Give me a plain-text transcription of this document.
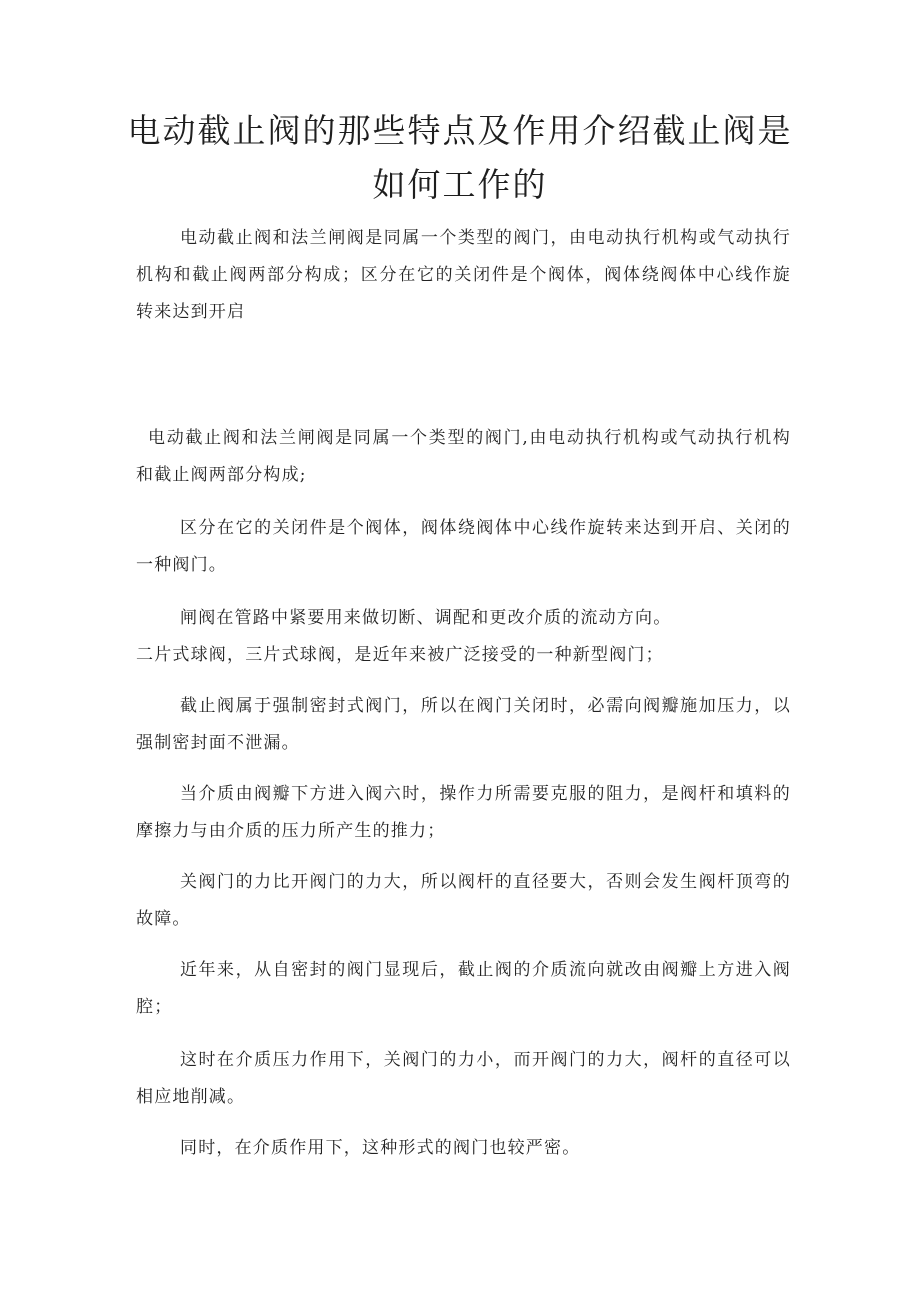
电动截止阀的那些特点及作用介绍截止阀是如何工作的

电动截止阀和法兰闸阀是同属一个类型的阀门，由电动执行机构或气动执行机构和截止阀两部分构成；区分在它的关闭件是个阀体，阀体绕阀体中心线作旋转来达到开启

电动截止阀和法兰闸阀是同属一个类型的阀门,由电动执行机构或气动执行机构和截止阀两部分构成;

区分在它的关闭件是个阀体，阀体绕阀体中心线作旋转来达到开启、关闭的一种阀门。

闸阀在管路中紧要用来做切断、调配和更改介质的流动方向。

二片式球阀，三片式球阀，是近年来被广泛接受的一种新型阀门；

截止阀属于强制密封式阀门，所以在阀门关闭时，必需向阀瓣施加压力，以强制密封面不泄漏。

当介质由阀瓣下方进入阀六时，操作力所需要克服的阻力，是阀杆和填料的摩擦力与由介质的压力所产生的推力；

关阀门的力比开阀门的力大，所以阀杆的直径要大，否则会发生阀杆顶弯的故障。

近年来，从自密封的阀门显现后，截止阀的介质流向就改由阀瓣上方进入阀腔；

这时在介质压力作用下，关阀门的力小，而开阀门的力大，阀杆的直径可以相应地削减。

同时，在介质作用下，这种形式的阀门也较严密。
